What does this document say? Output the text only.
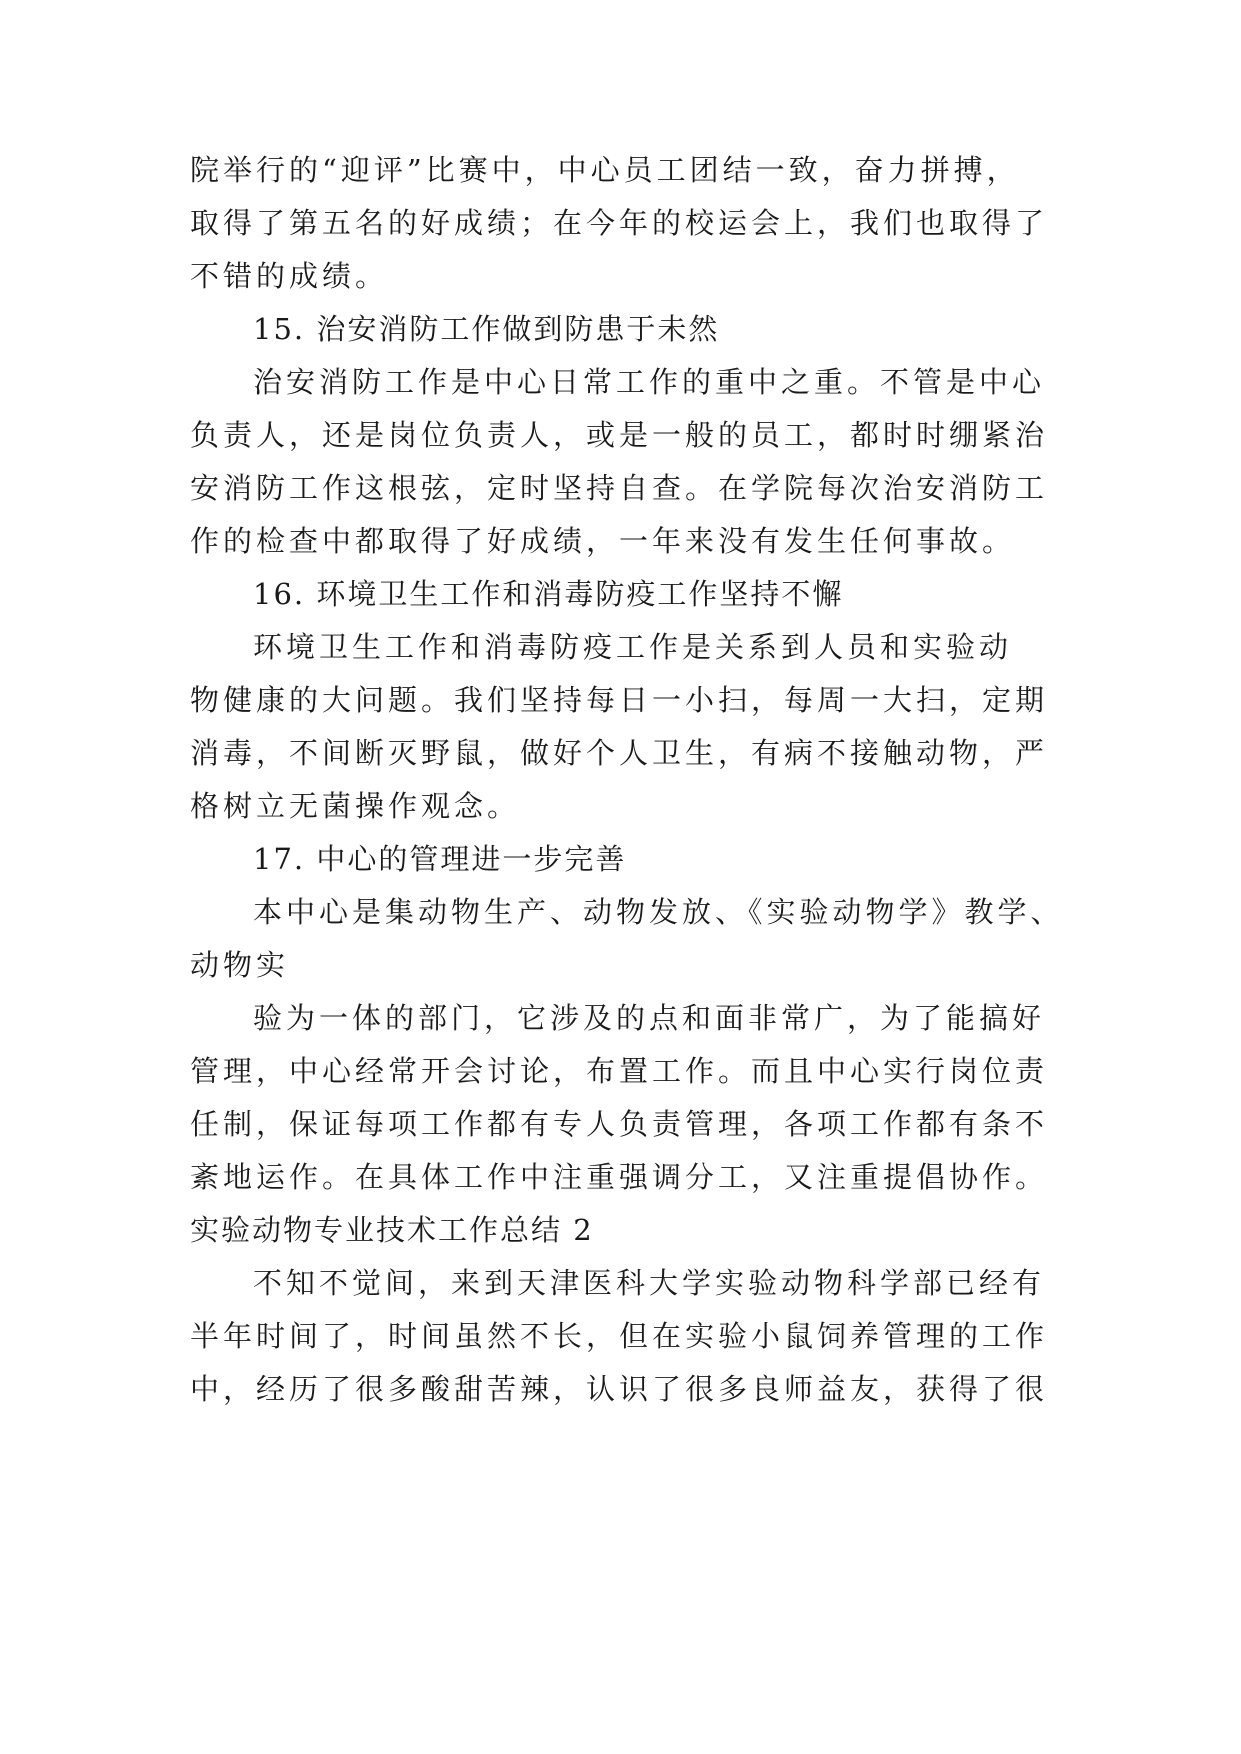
院举行的“迎评”比赛中，中心员工团结一致，奋力拼搏，
取得了第五名的好成绩；在今年的校运会上，我们也取得了
不错的成绩。
15. 治安消防工作做到防患于未然
治安消防工作是中心日常工作的重中之重。不管是中心
负责人，还是岗位负责人，或是一般的员工，都时时绷紧治
安消防工作这根弦，定时坚持自查。在学院每次治安消防工
作的检查中都取得了好成绩，一年来没有发生任何事故。
16. 环境卫生工作和消毒防疫工作坚持不懈
环境卫生工作和消毒防疫工作是关系到人员和实验动
物健康的大问题。我们坚持每日一小扫，每周一大扫，定期
消毒，不间断灭野鼠，做好个人卫生，有病不接触动物，严
格树立无菌操作观念。
17. 中心的管理进一步完善
本中心是集动物生产、动物发放、《实验动物学》教学、
动物实
验为一体的部门，它涉及的点和面非常广，为了能搞好
管理，中心经常开会讨论，布置工作。而且中心实行岗位责
任制，保证每项工作都有专人负责管理，各项工作都有条不
紊地运作。在具体工作中注重强调分工，又注重提倡协作。
实验动物专业技术工作总结 2
不知不觉间，来到天津医科大学实验动物科学部已经有
半年时间了，时间虽然不长，但在实验小鼠饲养管理的工作
中，经历了很多酸甜苦辣，认识了很多良师益友，获得了很
